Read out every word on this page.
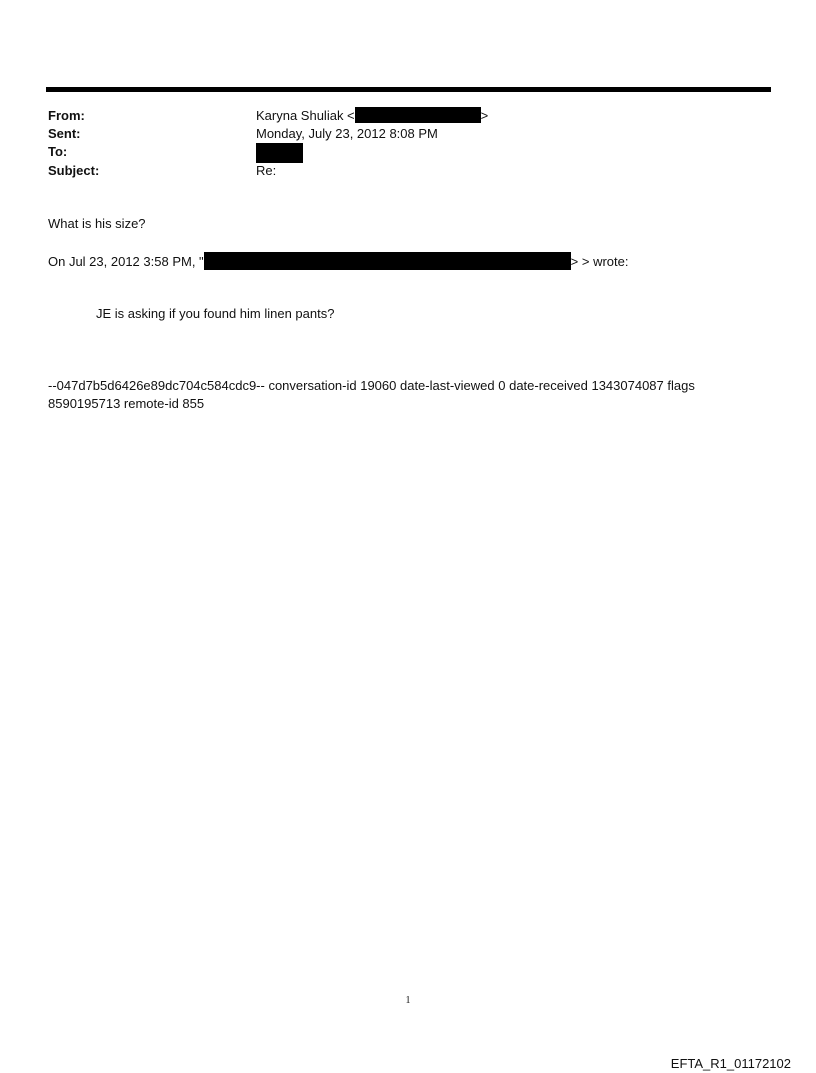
From:	Karyna Shuliak <	>
Sent:	Monday, July 23, 2012 8:08 PM
To:
Subject:	Re:
What is his size?
On Jul 23, 2012 3:58 PM, "	> > wrote:
JE is asking if you found him linen pants?
--047d7b5d6426e89dc704c584cdc9-- conversation-id 19060 date-last-viewed 0 date-received 1343074087 flags 8590195713 remote-id 855
1
EFTA_R1_01172102
